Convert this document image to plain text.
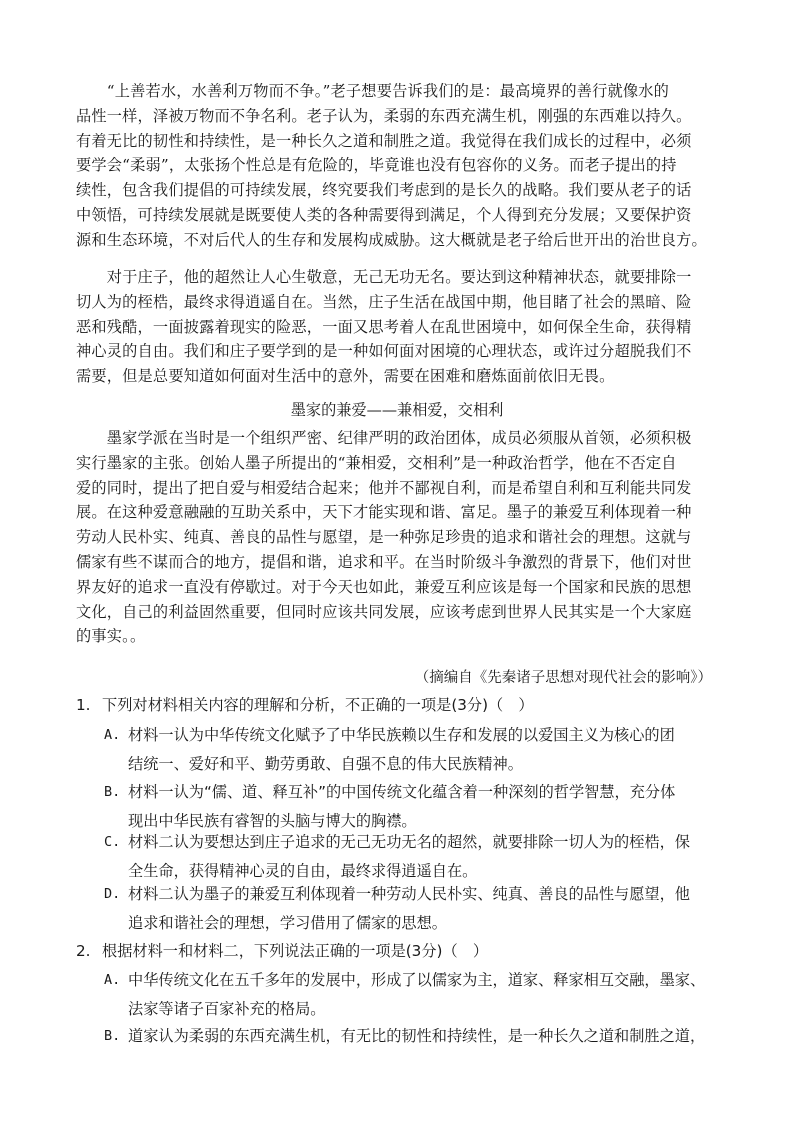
　　“上善若水，水善利万物而不争。”老子想要告诉我们的是：最高境界的善行就像水的
品性一样，泽被万物而不争名利。老子认为，柔弱的东西充满生机，刚强的东西难以持久。
有着无比的韧性和持续性，是一种长久之道和制胜之道。我觉得在我们成长的过程中，必须
要学会“柔弱”，太张扬个性总是有危险的，毕竟谁也没有包容你的义务。而老子提出的持
续性，包含我们提倡的可持续发展，终究要我们考虑到的是长久的战略。我们要从老子的话
中领悟，可持续发展就是既要使人类的各种需要得到满足，个人得到充分发展；又要保护资
源和生态环境，不对后代人的生存和发展构成威胁。这大概就是老子给后世开出的治世良方。
　　对于庄子，他的超然让人心生敬意，无己无功无名。要达到这种精神状态，就要排除一
切人为的桎梏，最终求得逍遥自在。当然，庄子生活在战国中期，他目睹了社会的黑暗、险
恶和残酷，一面披露着现实的险恶，一面又思考着人在乱世困境中，如何保全生命，获得精
神心灵的自由。我们和庄子要学到的是一种如何面对困境的心理状态，或许过分超脱我们不
需要，但是总要知道如何面对生活中的意外，需要在困难和磨炼面前依旧无畏。
墨家的兼爱——兼相爱，交相利
　　墨家学派在当时是一个组织严密、纪律严明的政治团体，成员必须服从首领，必须积极
实行墨家的主张。创始人墨子所提出的“兼相爱，交相利”是一种政治哲学，他在不否定自
爱的同时，提出了把自爱与相爱结合起来；他并不鄙视自利，而是希望自利和互利能共同发
展。在这种爱意融融的互助关系中，天下才能实现和谐、富足。墨子的兼爱互利体现着一种
劳动人民朴实、纯真、善良的品性与愿望，是一种弥足珍贵的追求和谐社会的理想。这就与
儒家有些不谋而合的地方，提倡和谐，追求和平。在当时阶级斗争激烈的背景下，他们对世
界友好的追求一直没有停歇过。对于今天也如此，兼爱互利应该是每一个国家和民族的思想
文化，自己的利益固然重要，但同时应该共同发展，应该考虑到世界人民其实是一个大家庭
的事实。。
（摘编自《先秦诸子思想对现代社会的影响》）
1. 下列对材料相关内容的理解和分析，不正确的一项是(3分)（　）
A. 材料一认为中华传统文化赋予了中华民族赖以生存和发展的以爱国主义为核心的团
结统一、爱好和平、勤劳勇敢、自强不息的伟大民族精神。
B. 材料一认为“儒、道、释互补”的中国传统文化蕴含着一种深刻的哲学智慧，充分体
现出中华民族有睿智的头脑与博大的胸襟。
C. 材料二认为要想达到庄子追求的无己无功无名的超然，就要排除一切人为的桎梏，保
全生命，获得精神心灵的自由，最终求得逍遥自在。
D. 材料二认为墨子的兼爱互利体现着一种劳动人民朴实、纯真、善良的品性与愿望，他
追求和谐社会的理想，学习借用了儒家的思想。
2. 根据材料一和材料二，下列说法正确的一项是(3分)（　）
A. 中华传统文化在五千多年的发展中，形成了以儒家为主，道家、释家相互交融，墨家、
法家等诸子百家补充的格局。
B. 道家认为柔弱的东西充满生机，有无比的韧性和持续性，是一种长久之道和制胜之道，
